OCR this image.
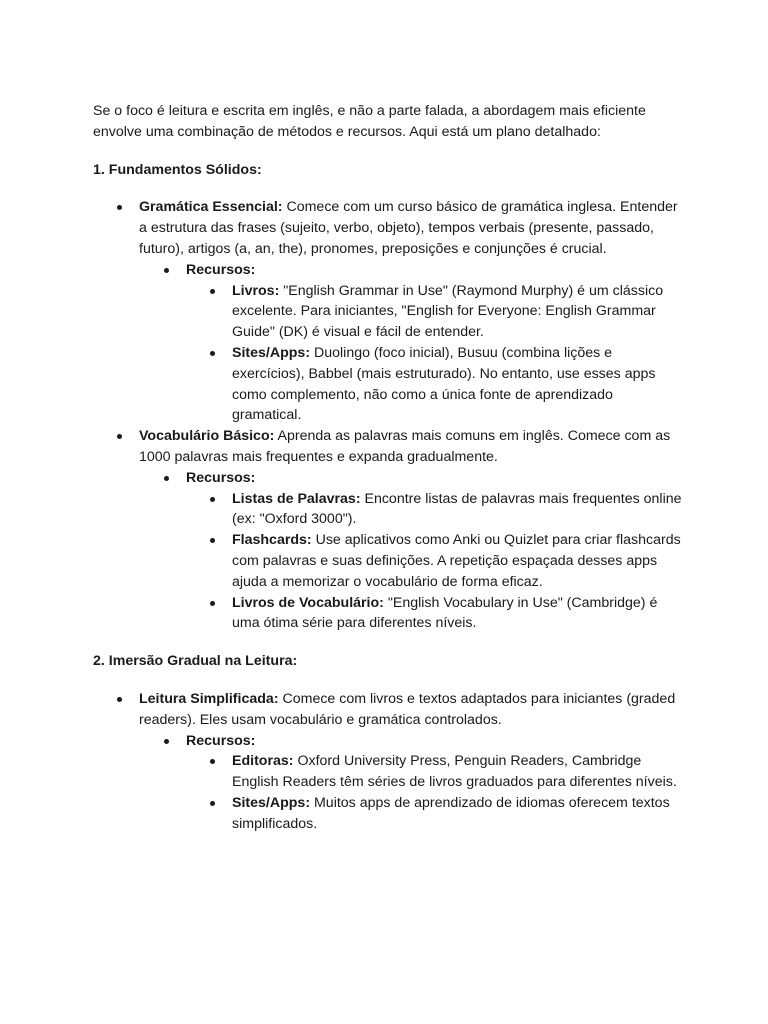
Se o foco é leitura e escrita em inglês, e não a parte falada, a abordagem mais eficiente envolve uma combinação de métodos e recursos. Aqui está um plano detalhado:

1. Fundamentos Sólidos:

Gramática Essencial: Comece com um curso básico de gramática inglesa. Entender a estrutura das frases (sujeito, verbo, objeto), tempos verbais (presente, passado, futuro), artigos (a, an, the), pronomes, preposições e conjunções é crucial.
Recursos:
Livros: "English Grammar in Use" (Raymond Murphy) é um clássico excelente. Para iniciantes, "English for Everyone: English Grammar Guide" (DK) é visual e fácil de entender.
Sites/Apps: Duolingo (foco inicial), Busuu (combina lições e exercícios), Babbel (mais estruturado). No entanto, use esses apps como complemento, não como a única fonte de aprendizado gramatical.
Vocabulário Básico: Aprenda as palavras mais comuns em inglês. Comece com as 1000 palavras mais frequentes e expanda gradualmente.
Recursos:
Listas de Palavras: Encontre listas de palavras mais frequentes online (ex: "Oxford 3000").
Flashcards: Use aplicativos como Anki ou Quizlet para criar flashcards com palavras e suas definições. A repetição espaçada desses apps ajuda a memorizar o vocabulário de forma eficaz.
Livros de Vocabulário: "English Vocabulary in Use" (Cambridge) é uma ótima série para diferentes níveis.

2. Imersão Gradual na Leitura:

Leitura Simplificada: Comece com livros e textos adaptados para iniciantes (graded readers). Eles usam vocabulário e gramática controlados.
Recursos:
Editoras: Oxford University Press, Penguin Readers, Cambridge English Readers têm séries de livros graduados para diferentes níveis.
Sites/Apps: Muitos apps de aprendizado de idiomas oferecem textos simplificados.
